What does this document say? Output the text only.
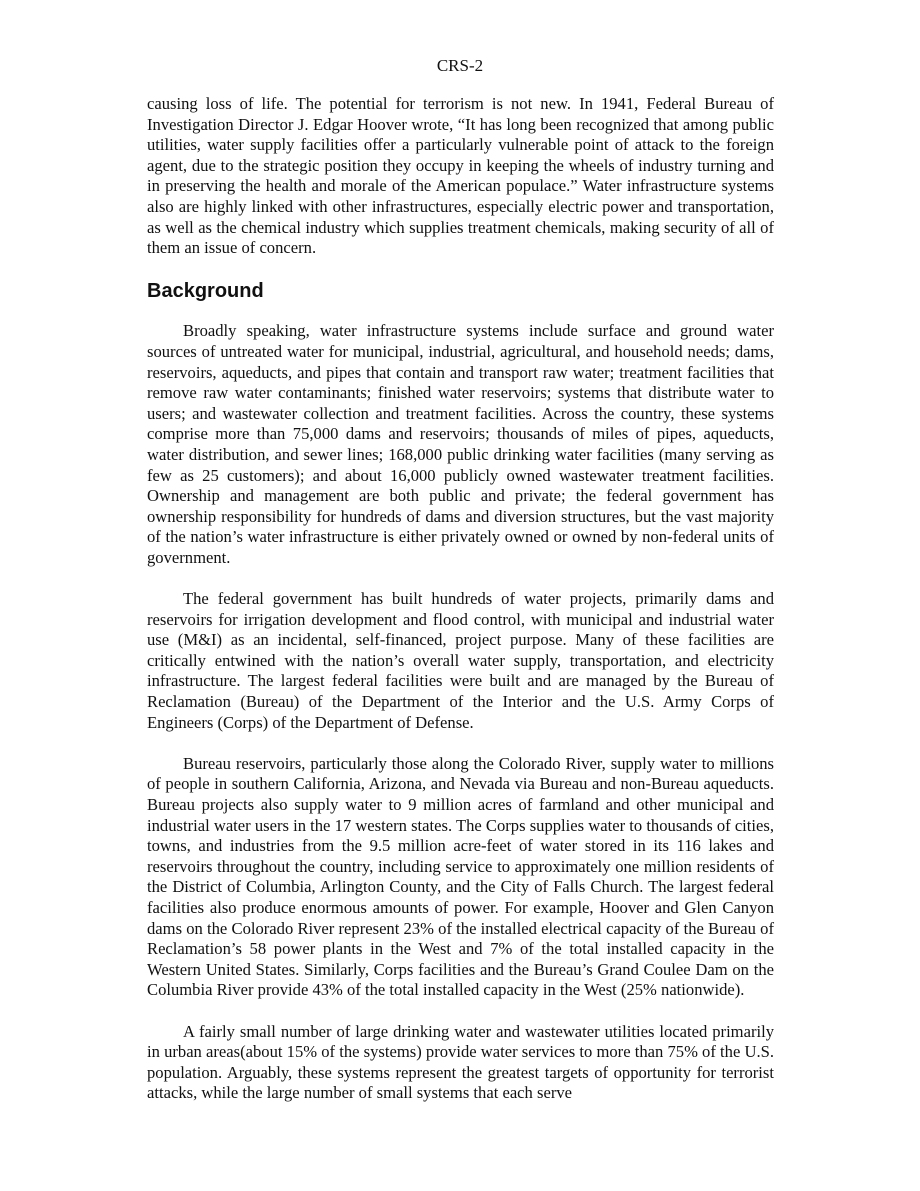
CRS-2

causing loss of life. The potential for terrorism is not new. In 1941, Federal Bureau of Investigation Director J. Edgar Hoover wrote, “It has long been recognized that among public utilities, water supply facilities offer a particularly vulnerable point of attack to the foreign agent, due to the strategic position they occupy in keeping the wheels of industry turning and in preserving the health and morale of the American populace.” Water infrastructure systems also are highly linked with other infrastructures, especially electric power and transportation, as well as the chemical industry which supplies treatment chemicals, making security of all of them an issue of concern.

Background

Broadly speaking, water infrastructure systems include surface and ground water sources of untreated water for municipal, industrial, agricultural, and household needs; dams, reservoirs, aqueducts, and pipes that contain and transport raw water; treatment facilities that remove raw water contaminants; finished water reservoirs; systems that distribute water to users; and wastewater collection and treatment facilities. Across the country, these systems comprise more than 75,000 dams and reservoirs; thousands of miles of pipes, aqueducts, water distribution, and sewer lines; 168,000 public drinking water facilities (many serving as few as 25 customers); and about 16,000 publicly owned wastewater treatment facilities. Ownership and management are both public and private; the federal government has ownership responsibility for hundreds of dams and diversion structures, but the vast majority of the nation’s water infrastructure is either privately owned or owned by non-federal units of government.

The federal government has built hundreds of water projects, primarily dams and reservoirs for irrigation development and flood control, with municipal and industrial water use (M&I) as an incidental, self-financed, project purpose. Many of these facilities are critically entwined with the nation’s overall water supply, transportation, and electricity infrastructure. The largest federal facilities were built and are managed by the Bureau of Reclamation (Bureau) of the Department of the Interior and the U.S. Army Corps of Engineers (Corps) of the Department of Defense.

Bureau reservoirs, particularly those along the Colorado River, supply water to millions of people in southern California, Arizona, and Nevada via Bureau and non-Bureau aqueducts. Bureau projects also supply water to 9 million acres of farmland and other municipal and industrial water users in the 17 western states. The Corps supplies water to thousands of cities, towns, and industries from the 9.5 million acre-feet of water stored in its 116 lakes and reservoirs throughout the country, including service to approximately one million residents of the District of Columbia, Arlington County, and the City of Falls Church. The largest federal facilities also produce enormous amounts of power. For example, Hoover and Glen Canyon dams on the Colorado River represent 23% of the installed electrical capacity of the Bureau of Reclamation’s 58 power plants in the West and 7% of the total installed capacity in the Western United States. Similarly, Corps facilities and the Bureau’s Grand Coulee Dam on the Columbia River provide 43% of the total installed capacity in the West (25% nationwide).

A fairly small number of large drinking water and wastewater utilities located primarily in urban areas(about 15% of the systems) provide water services to more than 75% of the U.S. population. Arguably, these systems represent the greatest targets of opportunity for terrorist attacks, while the large number of small systems that each serve
